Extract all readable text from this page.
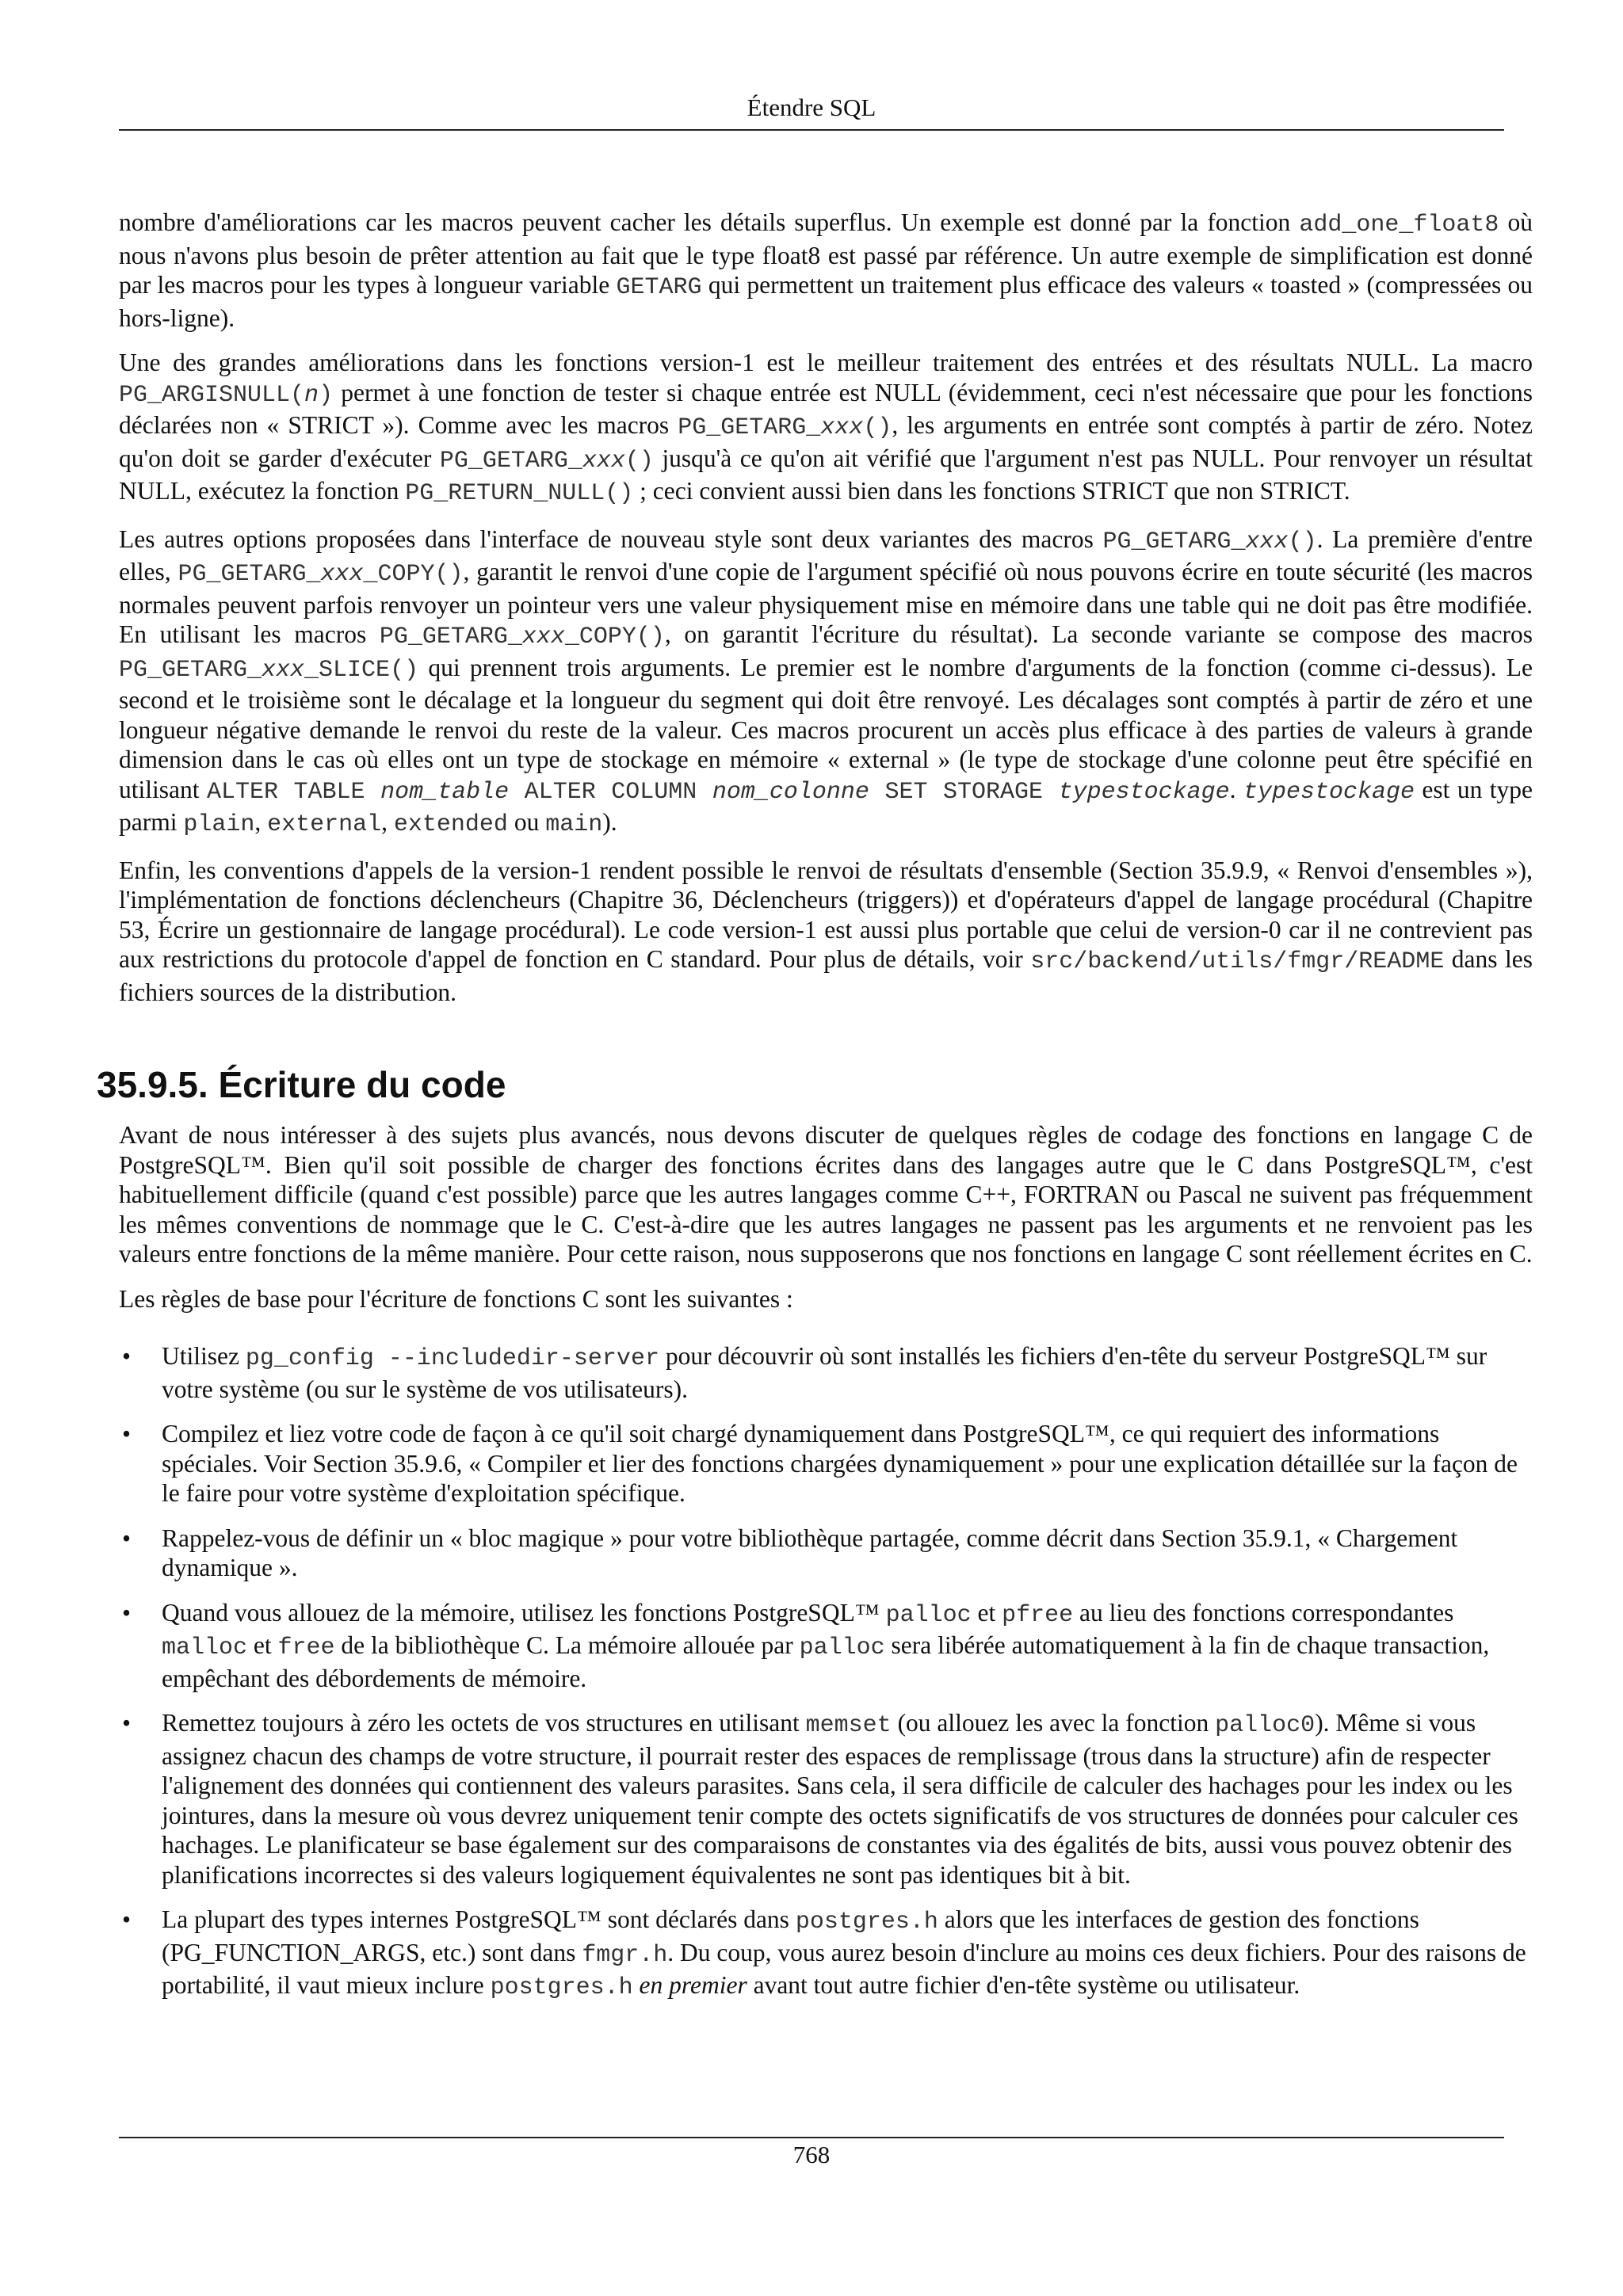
Étendre SQL

nombre d'améliorations car les macros peuvent cacher les détails superflus. Un exemple est donné par la fonction add_one_float8 où nous n'avons plus besoin de prêter attention au fait que le type float8 est passé par référence. Un autre exemple de simplification est donné par les macros pour les types à longueur variable GETARG qui permettent un traitement plus efficace des valeurs « toasted » (compressées ou hors-ligne).

Une des grandes améliorations dans les fonctions version-1 est le meilleur traitement des entrées et des résultats NULL. La macro PG_ARGISNULL(n) permet à une fonction de tester si chaque entrée est NULL (évidemment, ceci n'est nécessaire que pour les fonctions déclarées non « STRICT »). Comme avec les macros PG_GETARG_xxx(), les arguments en entrée sont comptés à partir de zéro. Notez qu'on doit se garder d'exécuter PG_GETARG_xxx() jusqu'à ce qu'on ait vérifié que l'argument n'est pas NULL. Pour renvoyer un résultat NULL, exécutez la fonction PG_RETURN_NULL() ; ceci convient aussi bien dans les fonctions STRICT que non STRICT.

Les autres options proposées dans l'interface de nouveau style sont deux variantes des macros PG_GETARG_xxx(). La première d'entre elles, PG_GETARG_xxx_COPY(), garantit le renvoi d'une copie de l'argument spécifié où nous pouvons écrire en toute sécurité (les macros normales peuvent parfois renvoyer un pointeur vers une valeur physiquement mise en mémoire dans une table qui ne doit pas être modifiée. En utilisant les macros PG_GETARG_xxx_COPY(), on garantit l'écriture du résultat). La seconde variante se compose des macros PG_GETARG_xxx_SLICE() qui prennent trois arguments. Le premier est le nombre d'arguments de la fonction (comme ci-dessus). Le second et le troisième sont le décalage et la longueur du segment qui doit être renvoyé. Les décalages sont comptés à partir de zéro et une longueur négative demande le renvoi du reste de la valeur. Ces macros procurent un accès plus efficace à des parties de valeurs à grande dimension dans le cas où elles ont un type de stockage en mémoire « external » (le type de stockage d'une colonne peut être spécifié en utilisant ALTER TABLE nom_table ALTER COLUMN nom_colonne SET STORAGE typestockage. typestockage est un type parmi plain, external, extended ou main).

Enfin, les conventions d'appels de la version-1 rendent possible le renvoi de résultats d'ensemble (Section 35.9.9, « Renvoi d'ensembles »), l'implémentation de fonctions déclencheurs (Chapitre 36, Déclencheurs (triggers)) et d'opérateurs d'appel de langage procédural (Chapitre 53, Écrire un gestionnaire de langage procédural). Le code version-1 est aussi plus portable que celui de version-0 car il ne contrevient pas aux restrictions du protocole d'appel de fonction en C standard. Pour plus de détails, voir src/backend/utils/fmgr/README dans les fichiers sources de la distribution.

35.9.5. Écriture du code

Avant de nous intéresser à des sujets plus avancés, nous devons discuter de quelques règles de codage des fonctions en langage C de PostgreSQL™. Bien qu'il soit possible de charger des fonctions écrites dans des langages autre que le C dans PostgreSQL™, c'est habituellement difficile (quand c'est possible) parce que les autres langages comme C++, FORTRAN ou Pascal ne suivent pas fréquemment les mêmes conventions de nommage que le C. C'est-à-dire que les autres langages ne passent pas les arguments et ne renvoient pas les valeurs entre fonctions de la même manière. Pour cette raison, nous supposerons que nos fonctions en langage C sont réellement écrites en C.

Les règles de base pour l'écriture de fonctions C sont les suivantes :

• Utilisez pg_config --includedir-server pour découvrir où sont installés les fichiers d'en-tête du serveur PostgreSQL™ sur votre système (ou sur le système de vos utilisateurs).
• Compilez et liez votre code de façon à ce qu'il soit chargé dynamiquement dans PostgreSQL™, ce qui requiert des informations spéciales. Voir Section 35.9.6, « Compiler et lier des fonctions chargées dynamiquement » pour une explication détaillée sur la façon de le faire pour votre système d'exploitation spécifique.
• Rappelez-vous de définir un « bloc magique » pour votre bibliothèque partagée, comme décrit dans Section 35.9.1, « Chargement dynamique ».
• Quand vous allouez de la mémoire, utilisez les fonctions PostgreSQL™ palloc et pfree au lieu des fonctions correspondantes malloc et free de la bibliothèque C. La mémoire allouée par palloc sera libérée automatiquement à la fin de chaque transaction, empêchant des débordements de mémoire.
• Remettez toujours à zéro les octets de vos structures en utilisant memset (ou allouez les avec la fonction palloc0). Même si vous assignez chacun des champs de votre structure, il pourrait rester des espaces de remplissage (trous dans la structure) afin de respecter l'alignement des données qui contiennent des valeurs parasites. Sans cela, il sera difficile de calculer des hachages pour les index ou les jointures, dans la mesure où vous devrez uniquement tenir compte des octets significatifs de vos structures de données pour calculer ces hachages. Le planificateur se base également sur des comparaisons de constantes via des égalités de bits, aussi vous pouvez obtenir des planifications incorrectes si des valeurs logiquement équivalentes ne sont pas identiques bit à bit.
• La plupart des types internes PostgreSQL™ sont déclarés dans postgres.h alors que les interfaces de gestion des fonctions (PG_FUNCTION_ARGS, etc.) sont dans fmgr.h. Du coup, vous aurez besoin d'inclure au moins ces deux fichiers. Pour des raisons de portabilité, il vaut mieux inclure postgres.h en premier avant tout autre fichier d'en-tête système ou utilisateur.
768
